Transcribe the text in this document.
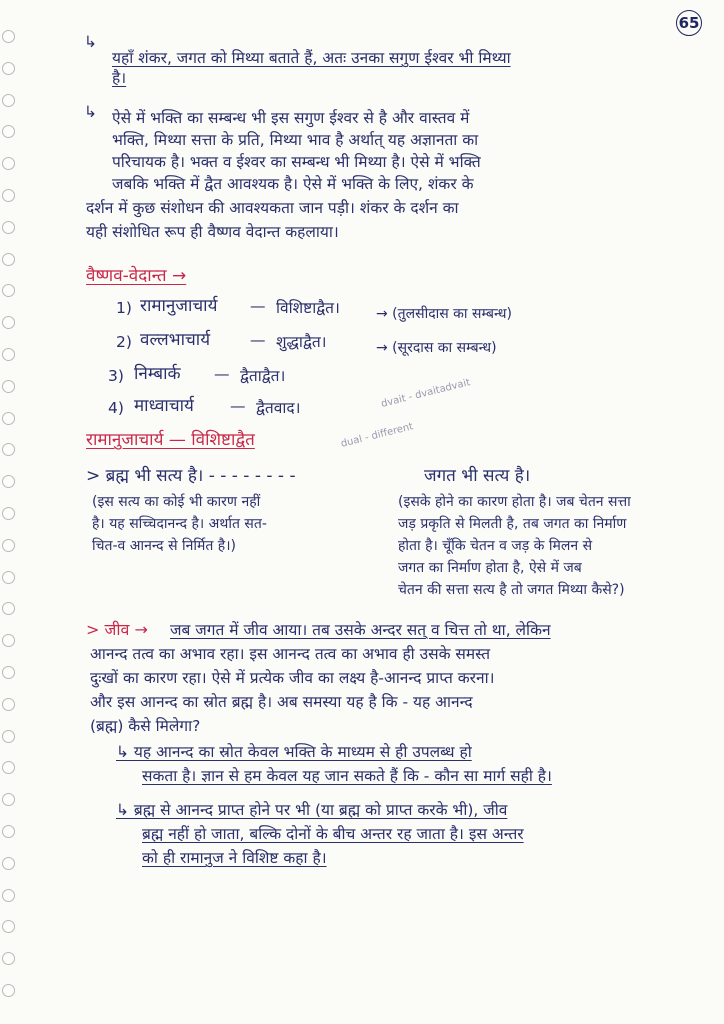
65
↳
यहाँ शंकर, जगत को मिथ्या बताते हैं, अतः उनका सगुण ईश्वर भी मिथ्या
है।
↳ ऐसे में भक्ति का सम्बन्ध भी इस सगुण ईश्वर से है और वास्तव में
भक्ति, मिथ्या सत्ता के प्रति, मिथ्या भाव है अर्थात् यह अज्ञानता का
परिचायक है। भक्त व ईश्वर का सम्बन्ध भी मिथ्या है। ऐसे में भक्ति
जबकि भक्ति में द्वैत आवश्यक है। ऐसे में भक्ति के लिए, शंकर के
दर्शन में कुछ संशोधन की आवश्यकता जान पड़ी। शंकर के दर्शन का
यही संशोधित रूप ही वैष्णव वेदान्त कहलाया।
वैष्णव-वेदान्त →
1) रामानुजाचार्य — विशिष्टाद्वैत।	→ (तुलसीदास का सम्बन्ध)
2) वल्लभाचार्य	— शुद्धाद्वैत।	→ (सूरदास का सम्बन्ध)
3) निम्बार्क — द्वैताद्वैत।
4) माध्वाचार्य — द्वैतवाद।	dvait - dvaitadvait
रामानुजाचार्य — विशिष्टाद्वैत	dual - different
> ब्रह्म भी सत्य है। - - - - - - - -	जगत भी सत्य है।
(इस सत्य का कोई भी कारण नहीं
है। यह सच्चिदानन्द है। अर्थात सत-
चित-व आनन्द से निर्मित है।)
(इसके होने का कारण होता है। जब चेतन सत्ता
जड़ प्रकृति से मिलती है, तब जगत का निर्माण
होता है। चूँकि चेतन व जड़ के मिलन से
जगत का निर्माण होता है, ऐसे में जब
चेतन की सत्ता सत्य है तो जगत मिथ्या कैसे?)
> जीव → जब जगत में जीव आया। तब उसके अन्दर सत् व चित्त तो था, लेकिन
आनन्द तत्व का अभाव रहा। इस आनन्द तत्व का अभाव ही उसके समस्त
दुःखों का कारण रहा। ऐसे में प्रत्येक जीव का लक्ष्य है-आनन्द प्राप्त करना।
और इस आनन्द का स्रोत ब्रह्म है। अब समस्या यह है कि - यह आनन्द
(ब्रह्म) कैसे मिलेगा?
↳ यह आनन्द का स्रोत केवल भक्ति के माध्यम से ही उपलब्ध हो
सकता है। ज्ञान से हम केवल यह जान सकते हैं कि - कौन सा मार्ग सही है।
↳ ब्रह्म से आनन्द प्राप्त होने पर भी (या ब्रह्म को प्राप्त करके भी), जीव
ब्रह्म नहीं हो जाता, बल्कि दोनों के बीच अन्तर रह जाता है। इस अन्तर
को ही रामानुज ने विशिष्ट कहा है।
